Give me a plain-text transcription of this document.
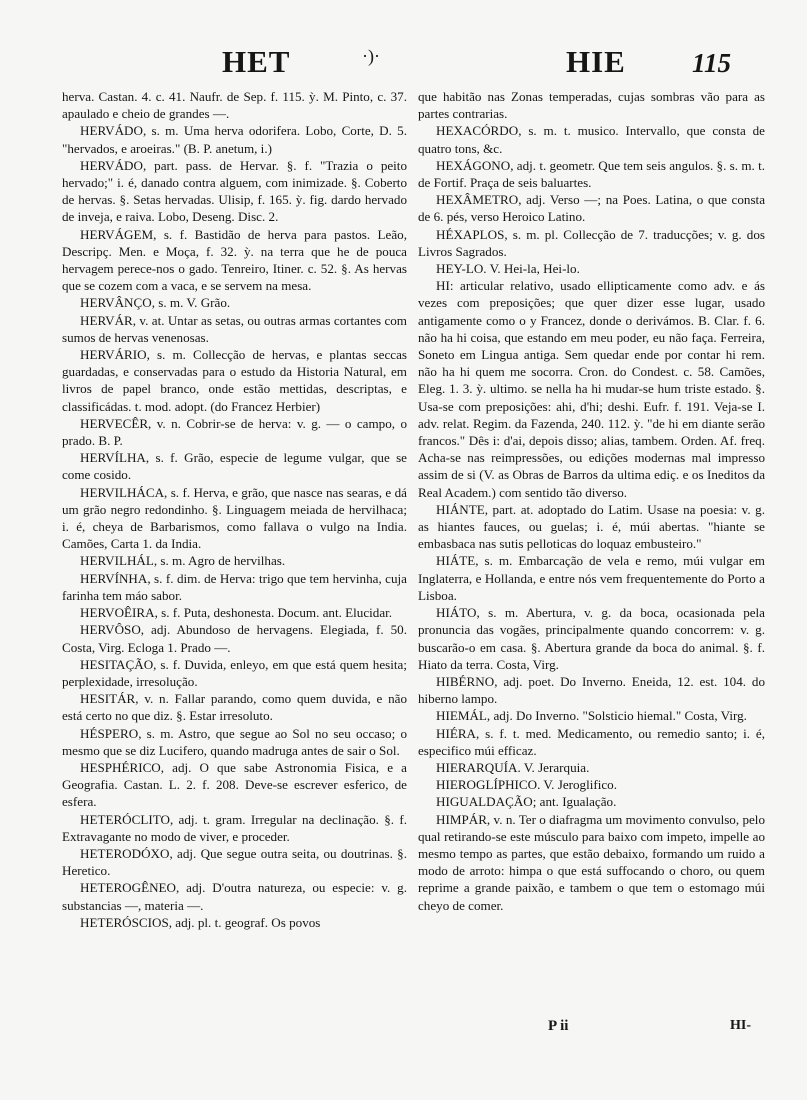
HET	·)·	HIE 115

herva. Castan. 4. c. 41. Naufr. de Sep. f. 115. ỳ. M. Pinto, c. 37. apaulado e cheio de grandes —.

HERVÁDO, s. m. Uma herva odorifera. Lobo, Corte, D. 5. "hervados, e aroeiras." (B. P. anetum, i.)

HERVÁDO, part. pass. de Hervar. §. f. "Trazia o peito hervado;" i. é, danado contra alguem, com inimizade. §. Coberto de hervas. §. Setas hervadas. Ulisip, f. 165. ỳ. fig. dardo hervado de inveja, e raiva. Lobo, Deseng. Disc. 2.

HERVÁGEM, s. f. Bastidão de herva para pastos. Leão, Descripç. Men. e Moça, f. 32. ỳ. na terra que he de pouca hervagem perece-nos o gado. Tenreiro, Itiner. c. 52. §. As hervas que se cozem com a vaca, e se servem na mesa.

HERVÂNÇO, s. m. V. Grão.

HERVÁR, v. at. Untar as setas, ou outras armas cortantes com sumos de hervas venenosas.

HERVÁRIO, s. m. Collecção de hervas, e plantas seccas guardadas, e conservadas para o estudo da Historia Natural, em livros de papel branco, onde estão mettidas, descriptas, e classificádas. t. mod. adopt. (do Francez Herbier)

HERVECÊR, v. n. Cobrir-se de herva: v. g. — o campo, o prado. B. P.

HERVÍLHA, s. f. Grão, especie de legume vulgar, que se come cosido.

HERVILHÁCA, s. f. Herva, e grão, que nasce nas searas, e dá um grão negro redondinho. §. Linguagem meiada de hervilhaca; i. é, cheya de Barbarismos, como fallava o vulgo na India. Camões, Carta 1. da India.

HERVILHÁL, s. m. Agro de hervilhas.

HERVÍNHA, s. f. dim. de Herva: trigo que tem hervinha, cuja farinha tem máo sabor.

HERVOÊIRA, s. f. Puta, deshonesta. Docum. ant. Elucidar.

HERVÔSO, adj. Abundoso de hervagens. Elegiada, f. 50. Costa, Virg. Ecloga 1. Prado —.

HESITAÇÃO, s. f. Duvida, enleyo, em que está quem hesita; perplexidade, irresolução.

HESITÁR, v. n. Fallar parando, como quem duvida, e não está certo no que diz. §. Estar irresoluto.

HÉSPERO, s. m. Astro, que segue ao Sol no seu occaso; o mesmo que se diz Lucifero, quando madruga antes de sair o Sol.

HESPHÉRICO, adj. O que sabe Astronomia Fisica, e a Geografia. Castan. L. 2. f. 208. Deve-se escrever esferico, de esfera.

HETERÓCLITO, adj. t. gram. Irregular na declinação. §. f. Extravagante no modo de viver, e proceder.

HETERODÓXO, adj. Que segue outra seita, ou doutrinas. §. Heretico.

HETEROGÊNEO, adj. D'outra natureza, ou especie: v. g. substancias —, materia —.

HETERÓSCIOS, adj. pl. t. geograf. Os povos

que habitão nas Zonas temperadas, cujas sombras vão para as partes contrarias.

HEXACÓRDO, s. m. t. musico. Intervallo, que consta de quatro tons, &c.

HEXÁGONO, adj. t. geometr. Que tem seis angulos. §. s. m. t. de Fortif. Praça de seis baluartes.

HEXÂMETRO, adj. Verso —; na Poes. Latina, o que consta de 6. pés, verso Heroico Latino.

HÉXAPLOS, s. m. pl. Collecção de 7. traducções; v. g. dos Livros Sagrados.

HEY-LO. V. Hei-la, Hei-lo.

HI: articular relativo, usado ellipticamente como adv. e ás vezes com preposições; que quer dizer esse lugar, usado antigamente como o y Francez, donde o derivámos. B. Clar. f. 6. não ha hi coisa, que estando em meu poder, eu não faça. Ferreira, Soneto em Lingua antiga. Sem quedar ende por contar hi rem. não ha hi quem me socorra. Cron. do Condest. c. 58. Camões, Eleg. 1. 3. ỳ. ultimo. se nella ha hi mudar-se hum triste estado. §. Usa-se com preposições: ahi, d'hi; deshi. Eufr. f. 191. Veja-se I. adv. relat. Regim. da Fazenda, 240. 112. ỳ. "de hi em diante serão francos." Dês i: d'ai, depois disso; alias, tambem. Orden. Af. freq. Acha-se nas reimpressões, ou edições modernas mal impresso assim de si (V. as Obras de Barros da ultima ediç. e os Ineditos da Real Academ.) com sentido tão diverso.

HIÁNTE, part. at. adoptado do Latim. Usase na poesia: v. g. as hiantes fauces, ou guelas; i. é, múi abertas. "hiante se embasbaca nas sutis pelloticas do loquaz embusteiro."

HIÁTE, s. m. Embarcação de vela e remo, múi vulgar em Inglaterra, e Hollanda, e entre nós vem frequentemente do Porto a Lisboa.

HIÁTO, s. m. Abertura, v. g. da boca, ocasionada pela pronuncia das vogães, principalmente quando concorrem: v. g. buscarão-o em casa. §. Abertura grande da boca do animal. §. f. Hiato da terra. Costa, Virg.

HIBÉRNO, adj. poet. Do Inverno. Eneida, 12. est. 104. do hiberno lampo.

HIEMÁL, adj. Do Inverno. "Solsticio hiemal." Costa, Virg.

HIÉRA, s. f. t. med. Medicamento, ou remedio santo; i. é, especifico múi efficaz.

HIERARQUÍA. V. Jerarquia.

HIEROGLÍPHICO. V. Jeroglifico.

HIGUALDAÇÃO; ant. Igualação.

HIMPÁR, v. n. Ter o diafragma um movimento convulso, pelo qual retirando-se este músculo para baixo com impeto, impelle ao mesmo tempo as partes, que estão debaixo, formando um ruido a modo de arroto: himpa o que está suffocando o choro, ou quem reprime a grande paixão, e tambem o que tem o estomago múi cheyo de comer.

P ii	HI-
